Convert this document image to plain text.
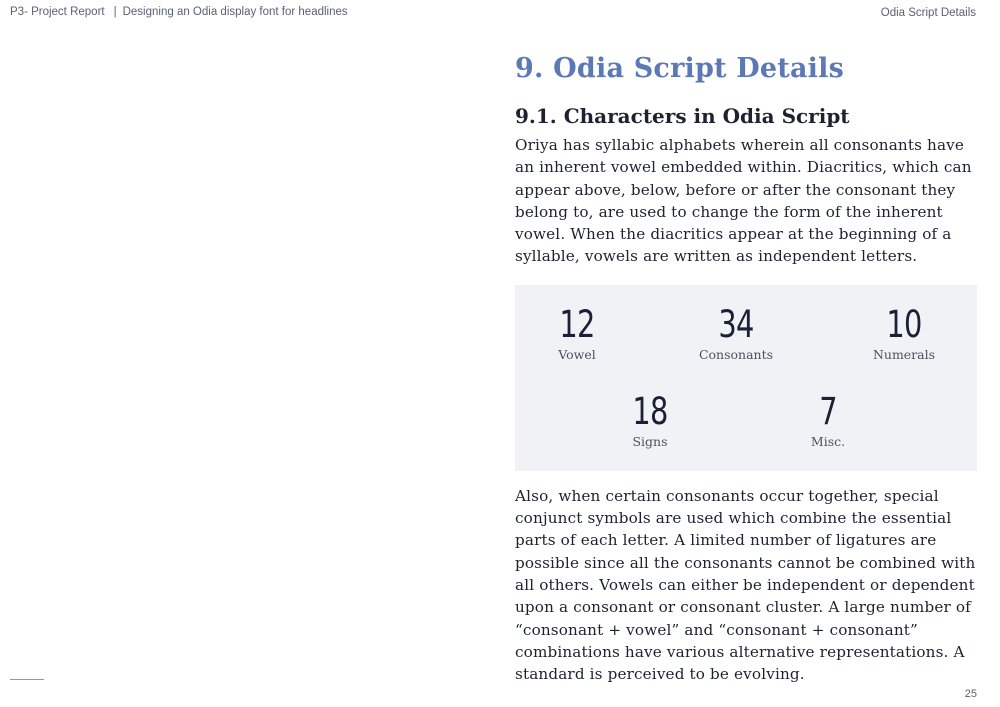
P3- Project Report | Designing an Odia display font for headlines	Odia Script Details
9. Odia Script Details
9.1. Characters in Odia Script

Oriya has syllabic alphabets wherein all consonants have an inherent vowel embedded within. Diacritics, which can appear above, below, before or after the consonant they belong to, are used to change the form of the inherent vowel. When the diacritics appear at the beginning of a syllable, vowels are written as independent letters.

12
Vowel
34
Consonants
10
Numerals
18
Signs
7
Misc.

Also, when certain consonants occur together, special conjunct symbols are used which combine the essential parts of each letter. A limited number of ligatures are possible since all the consonants cannot be combined with all others. Vowels can either be independent or dependent upon a consonant or consonant cluster. A large number of “consonant + vowel” and “consonant + consonant” combinations have various alternative representations. A standard is perceived to be evolving.

25
